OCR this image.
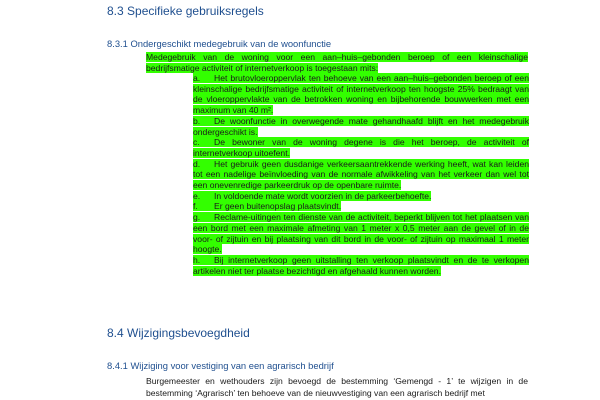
8.3 Specifieke gebruiksregels
8.3.1 Ondergeschikt medegebruik van de woonfunctie
Medegebruik van de woning voor een aan–huis–gebonden beroep of een kleinschalige bedrijfsmatige activiteit of internetverkoop is toegestaan mits:
a. Het brutovloeroppervlak ten behoeve van een aan–huis–gebonden beroep of een kleinschalige bedrijfsmatige activiteit of internetverkoop ten hoogste 25% bedraagt van de vloeroppervlakte van de betrokken woning en bijbehorende bouwwerken met een maximum van 40 m².
b. De woonfunctie in overwegende mate gehandhaafd blijft en het medegebruik ondergeschikt is.
c. De bewoner van de woning degene is die het beroep, de activiteit of internetverkoop uitoefent.
d. Het gebruik geen dusdanige verkeersaantrekkende werking heeft, wat kan leiden tot een nadelige beïnvloeding van de normale afwikkeling van het verkeer dan wel tot een onevenredige parkeerdruk op de openbare ruimte.
e. In voldoende mate wordt voorzien in de parkeerbehoefte.
f. Er geen buitenopslag plaatsvindt.
g. Reclame-uitingen ten dienste van de activiteit, beperkt blijven tot het plaatsen van een bord met een maximale afmeting van 1 meter x 0,5 meter aan de gevel of in de voor- of zijtuin en bij plaatsing van dit bord in de voor- of zijtuin op maximaal 1 meter hoogte.
h. Bij internetverkoop geen uitstalling ten verkoop plaatsvindt en de te verkopen artikelen niet ter plaatse bezichtigd en afgehaald kunnen worden.
8.4 Wijzigingsbevoegdheid
8.4.1 Wijziging voor vestiging van een agrarisch bedrijf
Burgemeester en wethouders zijn bevoegd de bestemming ‘Gemengd - 1’ te wijzigen in de bestemming ‘Agrarisch’ ten behoeve van de nieuwvestiging van een agrarisch bedrijf met
